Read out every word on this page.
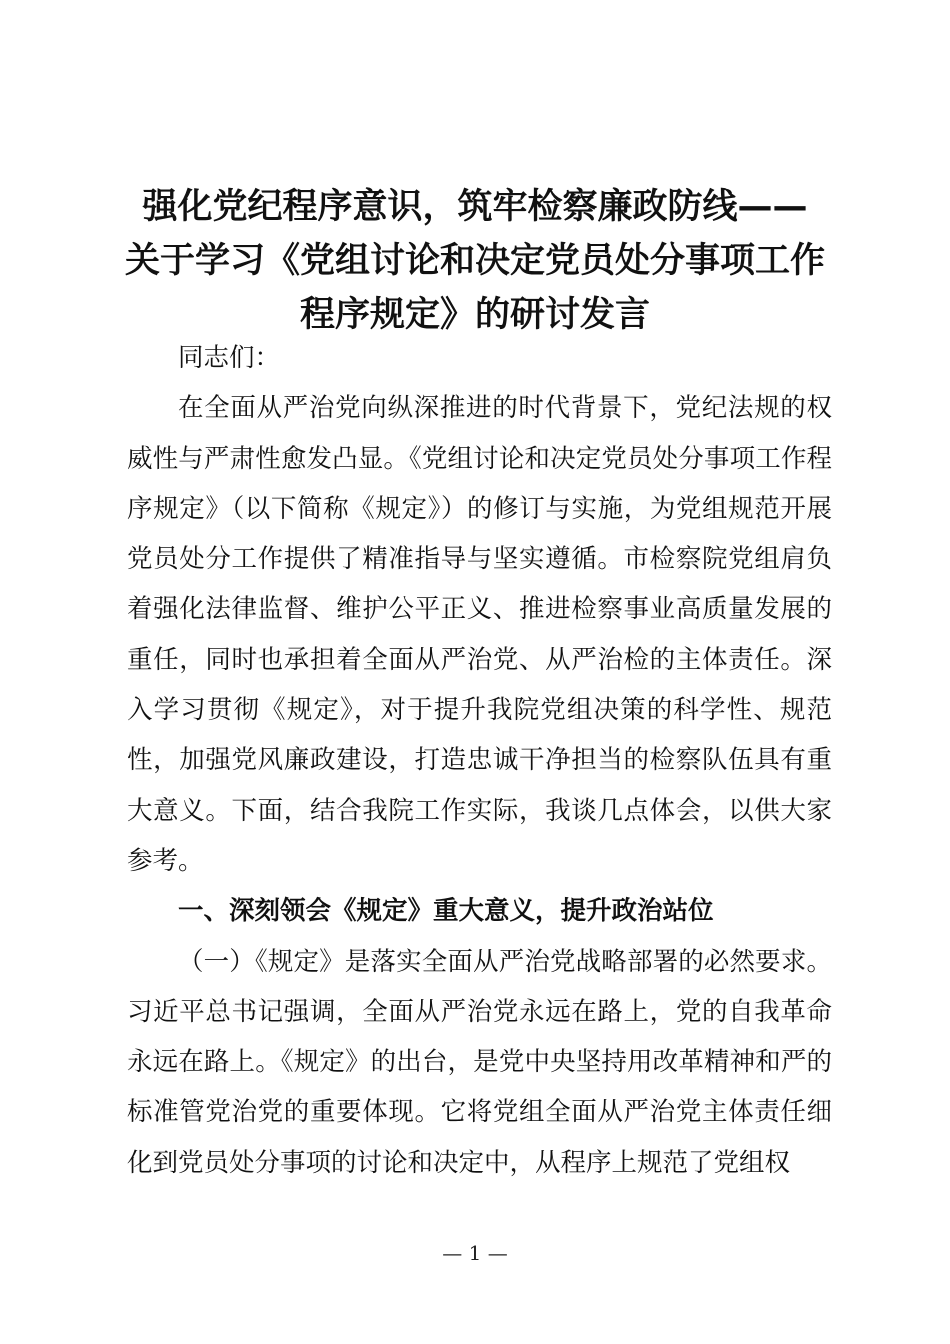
强化党纪程序意识，筑牢检察廉政防线——
关于学习《党组讨论和决定党员处分事项工作
程序规定》的研讨发言

同志们：

在全面从严治党向纵深推进的时代背景下，党纪法规的权威性与严肃性愈发凸显。《党组讨论和决定党员处分事项工作程序规定》（以下简称《规定》）的修订与实施，为党组规范开展党员处分工作提供了精准指导与坚实遵循。市检察院党组肩负着强化法律监督、维护公平正义、推进检察事业高质量发展的重任，同时也承担着全面从严治党、从严治检的主体责任。深入学习贯彻《规定》，对于提升我院党组决策的科学性、规范性，加强党风廉政建设，打造忠诚干净担当的检察队伍具有重大意义。下面，结合我院工作实际，我谈几点体会，以供大家参考。

一、深刻领会《规定》重大意义，提升政治站位

（一）《规定》是落实全面从严治党战略部署的必然要求。习近平总书记强调，全面从严治党永远在路上，党的自我革命永远在路上。《规定》的出台，是党中央坚持用改革精神和严的标准管党治党的重要体现。它将党组全面从严治党主体责任细化到党员处分事项的讨论和决定中，从程序上规范了党组权

— 1 —
